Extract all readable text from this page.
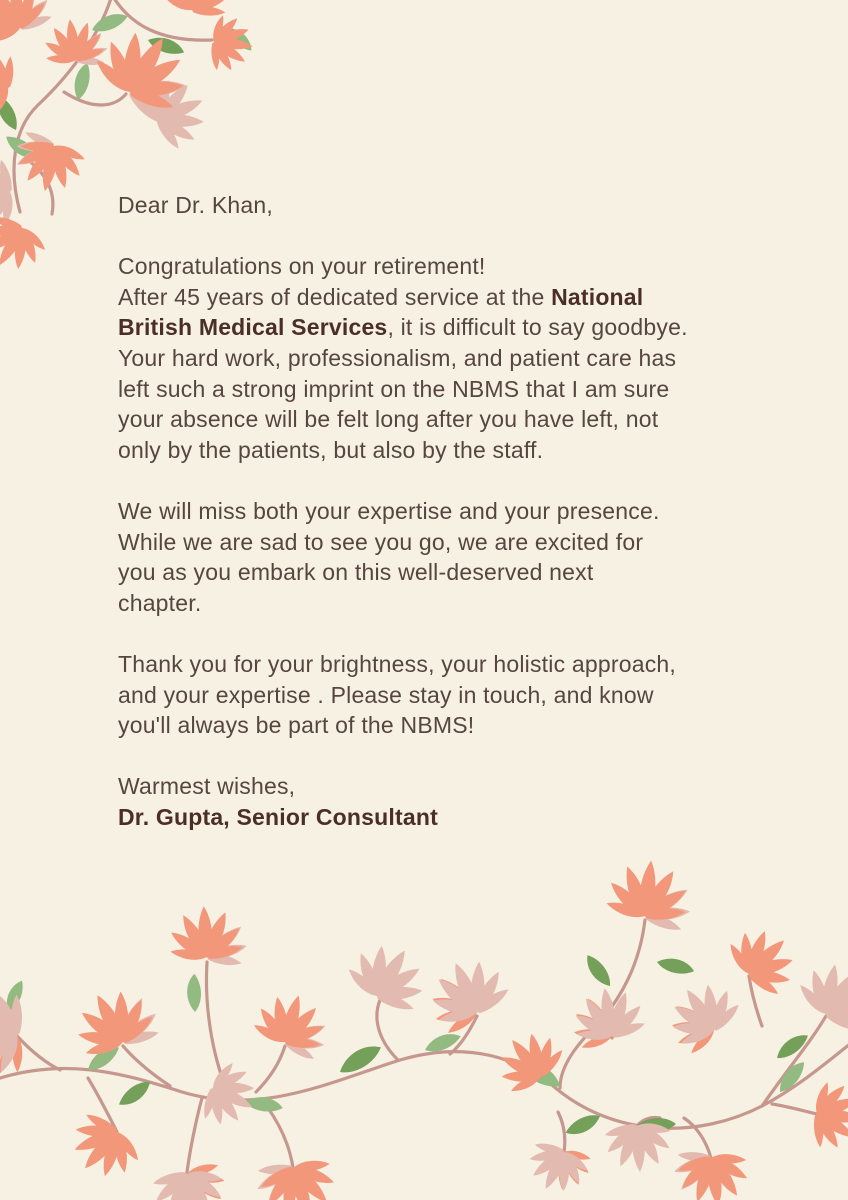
Dear Dr. Khan,
Congratulations on your retirement!
After 45 years of dedicated service at the National
British Medical Services, it is difficult to say goodbye.
Your hard work, professionalism, and patient care has
left such a strong imprint on the NBMS that I am sure
your absence will be felt long after you have left, not
only by the patients, but also by the staff.
We will miss both your expertise and your presence.
While we are sad to see you go, we are excited for
you as you embark on this well-deserved next
chapter.
Thank you for your brightness, your holistic approach,
and your expertise . Please stay in touch, and know
you'll always be part of the NBMS!
Warmest wishes,
Dr. Gupta, Senior Consultant
